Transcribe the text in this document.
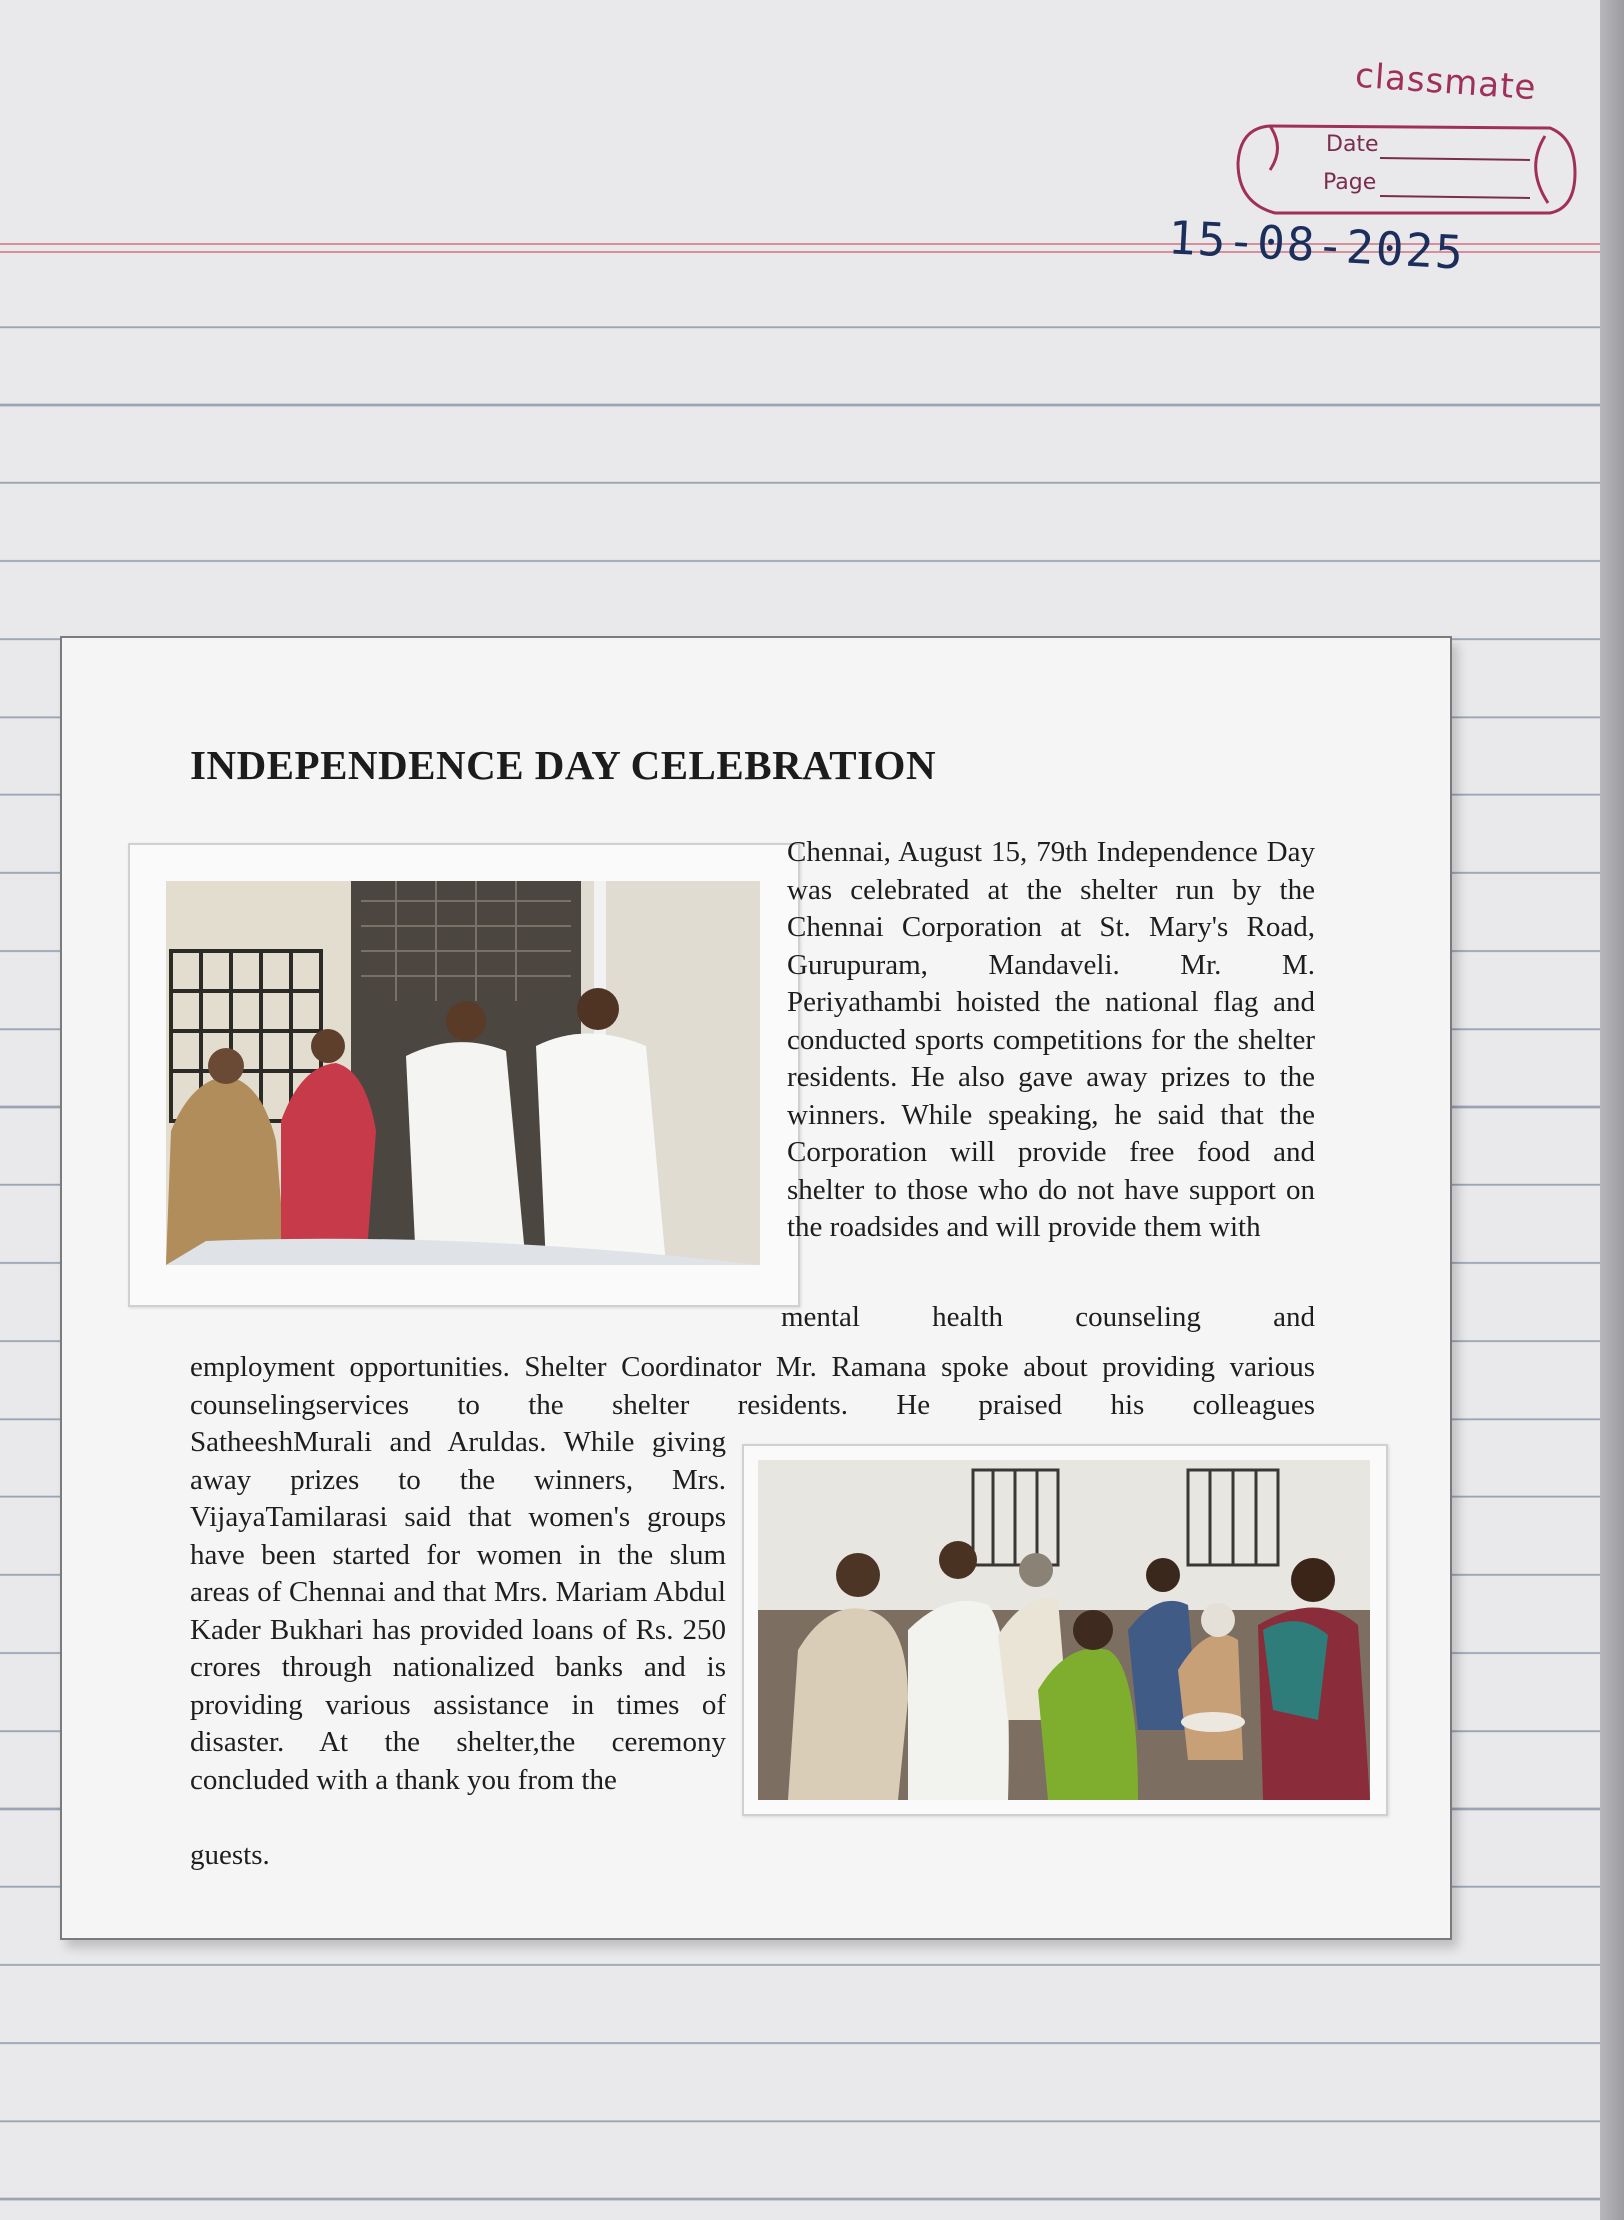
classmate
Date
Page
15-08-2025
INDEPENDENCE DAY CELEBRATION

Chennai, August 15, 79th Independence Day was celebrated at the shelter run by the Chennai Corporation at St. Mary's Road, Gurupuram, Mandaveli. Mr. M. Periyathambi hoisted the national flag and conducted sports competitions for the shelter residents. He also gave away prizes to the winners. While speaking, he said that the Corporation will provide free food and shelter to those who do not have support on the roadsides and will provide them with

mental health counseling and

employment opportunities. Shelter Coordinator Mr. Ramana spoke about providing various counselingservices to the shelter residents. He praised his colleagues

SatheeshMurali and Aruldas. While giving away prizes to the winners, Mrs. VijayaTamilarasi said that women's groups have been started for women in the slum areas of Chennai and that Mrs. Mariam Abdul Kader Bukhari has provided loans of Rs. 250 crores through nationalized banks and is providing various assistance in times of disaster. At the shelter,the ceremony concluded with a thank you from the

guests.
